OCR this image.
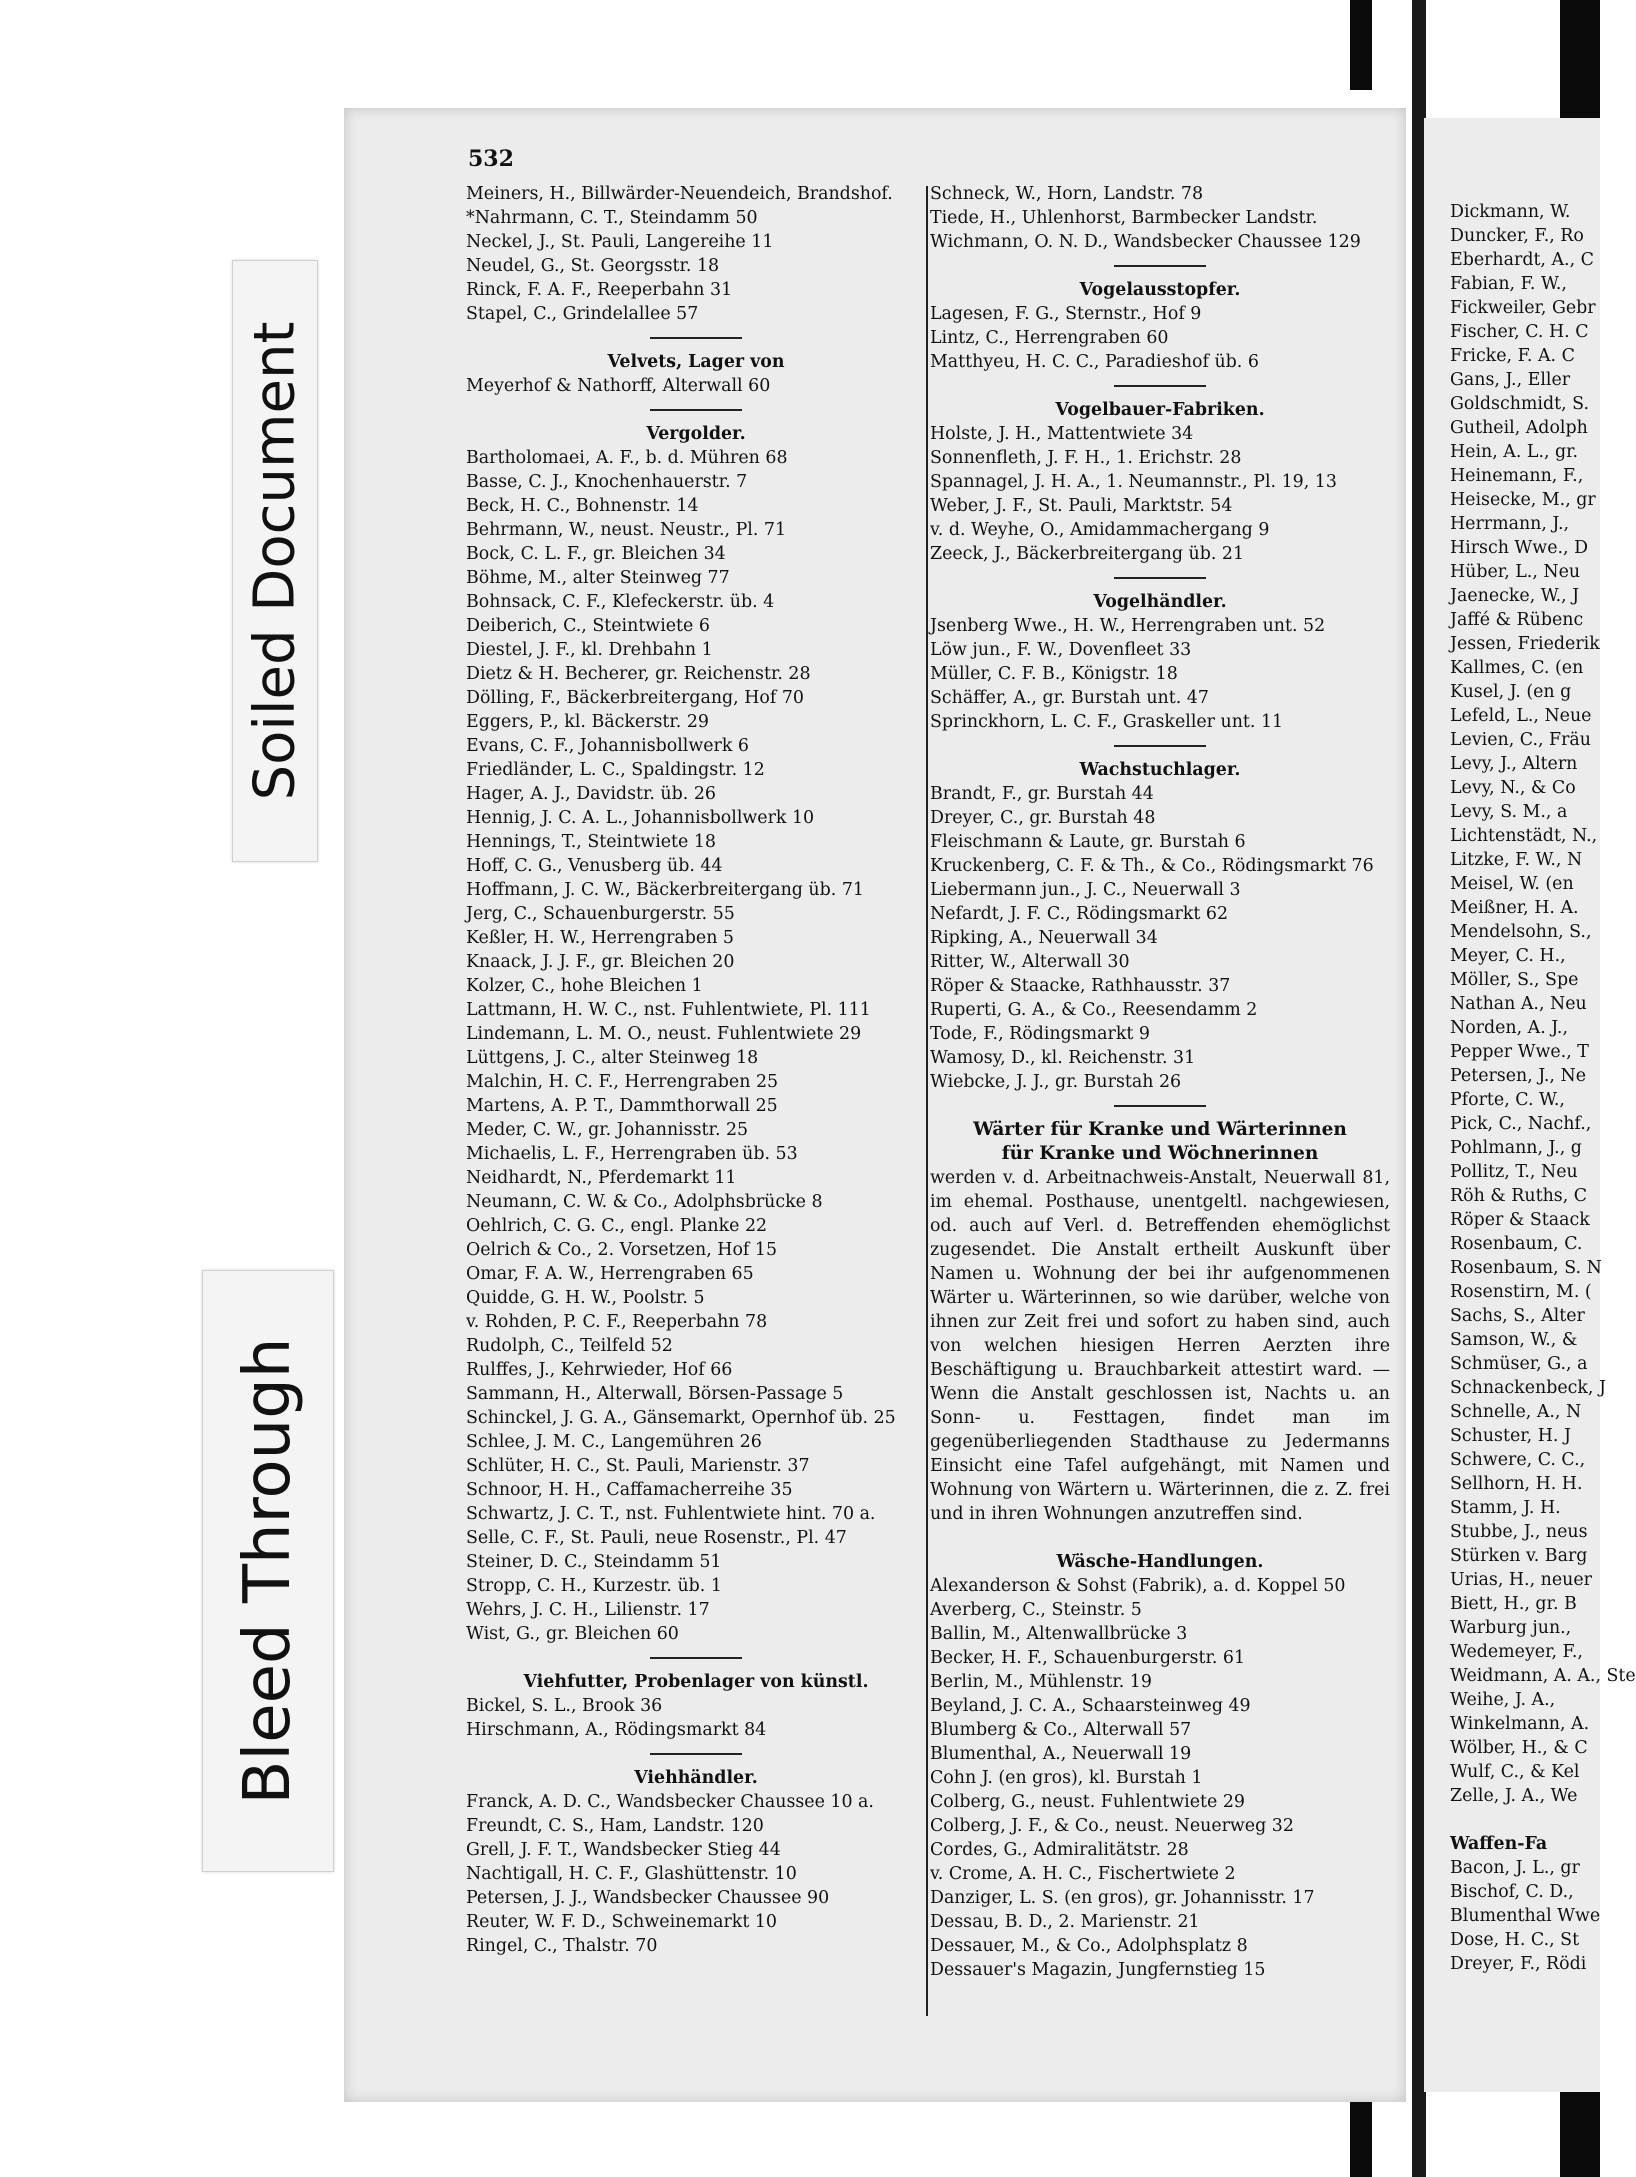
Soiled Document
Bleed Through
532
Meiners, H., Billwärder-Neuendeich, Brandshof.
*Nahrmann, C. T., Steindamm 50
Neckel, J., St. Pauli, Langereihe 11
Neudel, G., St. Georgsstr. 18
Rinck, F. A. F., Reeperbahn 31
Stapel, C., Grindelallee 57
Velvets, Lager von
Meyerhof & Nathorff, Alterwall 60
Vergolder.
Bartholomaei, A. F., b. d. Mühren 68
Basse, C. J., Knochenhauerstr. 7
Beck, H. C., Bohnenstr. 14
Behrmann, W., neust. Neustr., Pl. 71
Bock, C. L. F., gr. Bleichen 34
Böhme, M., alter Steinweg 77
Bohnsack, C. F., Klefeckerstr. üb. 4
Deiberich, C., Steintwiete 6
Diestel, J. F., kl. Drehbahn 1
Dietz & H. Becherer, gr. Reichenstr. 28
Dölling, F., Bäckerbreitergang, Hof 70
Eggers, P., kl. Bäckerstr. 29
Evans, C. F., Johannisbollwerk 6
Friedländer, L. C., Spaldingstr. 12
Hager, A. J., Davidstr. üb. 26
Hennig, J. C. A. L., Johannisbollwerk 10
Hennings, T., Steintwiete 18
Hoff, C. G., Venusberg üb. 44
Hoffmann, J. C. W., Bäckerbreitergang üb. 71
Jerg, C., Schauenburgerstr. 55
Keßler, H. W., Herrengraben 5
Knaack, J. J. F., gr. Bleichen 20
Kolzer, C., hohe Bleichen 1
Lattmann, H. W. C., nst. Fuhlentwiete, Pl. 111
Lindemann, L. M. O., neust. Fuhlentwiete 29
Lüttgens, J. C., alter Steinweg 18
Malchin, H. C. F., Herrengraben 25
Martens, A. P. T., Dammthorwall 25
Meder, C. W., gr. Johannisstr. 25
Michaelis, L. F., Herrengraben üb. 53
Neidhardt, N., Pferdemarkt 11
Neumann, C. W. & Co., Adolphsbrücke 8
Oehlrich, C. G. C., engl. Planke 22
Oelrich & Co., 2. Vorsetzen, Hof 15
Omar, F. A. W., Herrengraben 65
Quidde, G. H. W., Poolstr. 5
v. Rohden, P. C. F., Reeperbahn 78
Rudolph, C., Teilfeld 52
Rulffes, J., Kehrwieder, Hof 66
Sammann, H., Alterwall, Börsen-Passage 5
Schinckel, J. G. A., Gänsemarkt, Opernhof üb. 25
Schlee, J. M. C., Langemühren 26
Schlüter, H. C., St. Pauli, Marienstr. 37
Schnoor, H. H., Caffamacherreihe 35
Schwartz, J. C. T., nst. Fuhlentwiete hint. 70 a.
Selle, C. F., St. Pauli, neue Rosenstr., Pl. 47
Steiner, D. C., Steindamm 51
Stropp, C. H., Kurzestr. üb. 1
Wehrs, J. C. H., Lilienstr. 17
Wist, G., gr. Bleichen 60
Viehfutter, Probenlager von künstl.
Bickel, S. L., Brook 36
Hirschmann, A., Rödingsmarkt 84
Viehhändler.
Franck, A. D. C., Wandsbecker Chaussee 10 a.
Freundt, C. S., Ham, Landstr. 120
Grell, J. F. T., Wandsbecker Stieg 44
Nachtigall, H. C. F., Glashüttenstr. 10
Petersen, J. J., Wandsbecker Chaussee 90
Reuter, W. F. D., Schweinemarkt 10
Ringel, C., Thalstr. 70
Schneck, W., Horn, Landstr. 78
Tiede, H., Uhlenhorst, Barmbecker Landstr.
Wichmann, O. N. D., Wandsbecker Chaussee 129
Vogelausstopfer.
Lagesen, F. G., Sternstr., Hof 9
Lintz, C., Herrengraben 60
Matthyeu, H. C. C., Paradieshof üb. 6
Vogelbauer-Fabriken.
Holste, J. H., Mattentwiete 34
Sonnenfleth, J. F. H., 1. Erichstr. 28
Spannagel, J. H. A., 1. Neumannstr., Pl. 19, 13
Weber, J. F., St. Pauli, Marktstr. 54
v. d. Weyhe, O., Amidammachergang 9
Zeeck, J., Bäckerbreitergang üb. 21
Vogelhändler.
Jsenberg Wwe., H. W., Herrengraben unt. 52
Löw jun., F. W., Dovenfleet 33
Müller, C. F. B., Königstr. 18
Schäffer, A., gr. Burstah unt. 47
Sprinckhorn, L. C. F., Graskeller unt. 11
Wachstuchlager.
Brandt, F., gr. Burstah 44
Dreyer, C., gr. Burstah 48
Fleischmann & Laute, gr. Burstah 6
Kruckenberg, C. F. & Th., & Co., Rödingsmarkt 76
Liebermann jun., J. C., Neuerwall 3
Nefardt, J. F. C., Rödingsmarkt 62
Ripking, A., Neuerwall 34
Ritter, W., Alterwall 30
Röper & Staacke, Rathhausstr. 37
Ruperti, G. A., & Co., Reesendamm 2
Tode, F., Rödingsmarkt 9
Wamosy, D., kl. Reichenstr. 31
Wiebcke, J. J., gr. Burstah 26
Wärter für Kranke und Wärterinnen
für Kranke und Wöchnerinnen
werden v. d. Arbeitnachweis-Anstalt, Neuerwall 81, im ehemal. Posthause, unentgeltl. nachgewiesen, od. auch auf Verl. d. Betreffenden ehemöglichst zugesendet. Die Anstalt ertheilt Auskunft über Namen u. Wohnung der bei ihr aufgenommenen Wärter u. Wärterinnen, so wie darüber, welche von ihnen zur Zeit frei und sofort zu haben sind, auch von welchen hiesigen Herren Aerzten ihre Beschäftigung u. Brauchbarkeit attestirt ward. — Wenn die Anstalt geschlossen ist, Nachts u. an Sonn- u. Festtagen, findet man im gegenüberliegenden Stadthause zu Jedermanns Einsicht eine Tafel aufgehängt, mit Namen und Wohnung von Wärtern u. Wärterinnen, die z. Z. frei und in ihren Wohnungen anzutreffen sind.
Wäsche-Handlungen.
Alexanderson & Sohst (Fabrik), a. d. Koppel 50
Averberg, C., Steinstr. 5
Ballin, M., Altenwallbrücke 3
Becker, H. F., Schauenburgerstr. 61
Berlin, M., Mühlenstr. 19
Beyland, J. C. A., Schaarsteinweg 49
Blumberg & Co., Alterwall 57
Blumenthal, A., Neuerwall 19
Cohn J. (en gros), kl. Burstah 1
Colberg, G., neust. Fuhlentwiete 29
Colberg, J. F., & Co., neust. Neuerweg 32
Cordes, G., Admiralitätstr. 28
v. Crome, A. H. C., Fischertwiete 2
Danziger, L. S. (en gros), gr. Johannisstr. 17
Dessau, B. D., 2. Marienstr. 21
Dessauer, M., & Co., Adolphsplatz 8
Dessauer's Magazin, Jungfernstieg 15
Dickmann, W.
Duncker, F., Ro
Eberhardt, A., C
Fabian, F. W.,
Fickweiler, Gebr
Fischer, C. H. C
Fricke, F. A. C
Gans, J., Eller
Goldschmidt, S.
Gutheil, Adolph
Hein, A. L., gr.
Heinemann, F.,
Heisecke, M., gr
Herrmann, J.,
Hirsch Wwe., D
Hüber, L., Neu
Jaenecke, W., J
Jaffé & Rübenc
Jessen, Friederik
Kallmes, C. (en
Kusel, J. (en g
Lefeld, L., Neue
Levien, C., Fräu
Levy, J., Altern
Levy, N., & Co
Levy, S. M., a
Lichtenstädt, N.,
Litzke, F. W., N
Meisel, W. (en
Meißner, H. A.
Mendelsohn, S.,
Meyer, C. H.,
Möller, S., Spe
Nathan A., Neu
Norden, A. J.,
Pepper Wwe., T
Petersen, J., Ne
Pforte, C. W.,
Pick, C., Nachf.,
Pohlmann, J., g
Pollitz, T., Neu
Röh & Ruths, C
Röper & Staack
Rosenbaum, C.
Rosenbaum, S. N
Rosenstirn, M. (
Sachs, S., Alter
Samson, W., &
Schmüser, G., a
Schnackenbeck, J
Schnelle, A., N
Schuster, H. J
Schwere, C. C.,
Sellhorn, H. H.
Stamm, J. H.
Stubbe, J., neus
Stürken v. Barg
Urias, H., neuer
Biett, H., gr. B
Warburg jun.,
Wedemeyer, F.,
Weidmann, A. A., Ste
Weihe, J. A.,
Winkelmann, A.
Wölber, H., & C
Wulf, C., & Kel
Zelle, J. A., We
Waffen-Fa
Bacon, J. L., gr
Bischof, C. D.,
Blumenthal Wwe
Dose, H. C., St
Dreyer, F., Rödi
